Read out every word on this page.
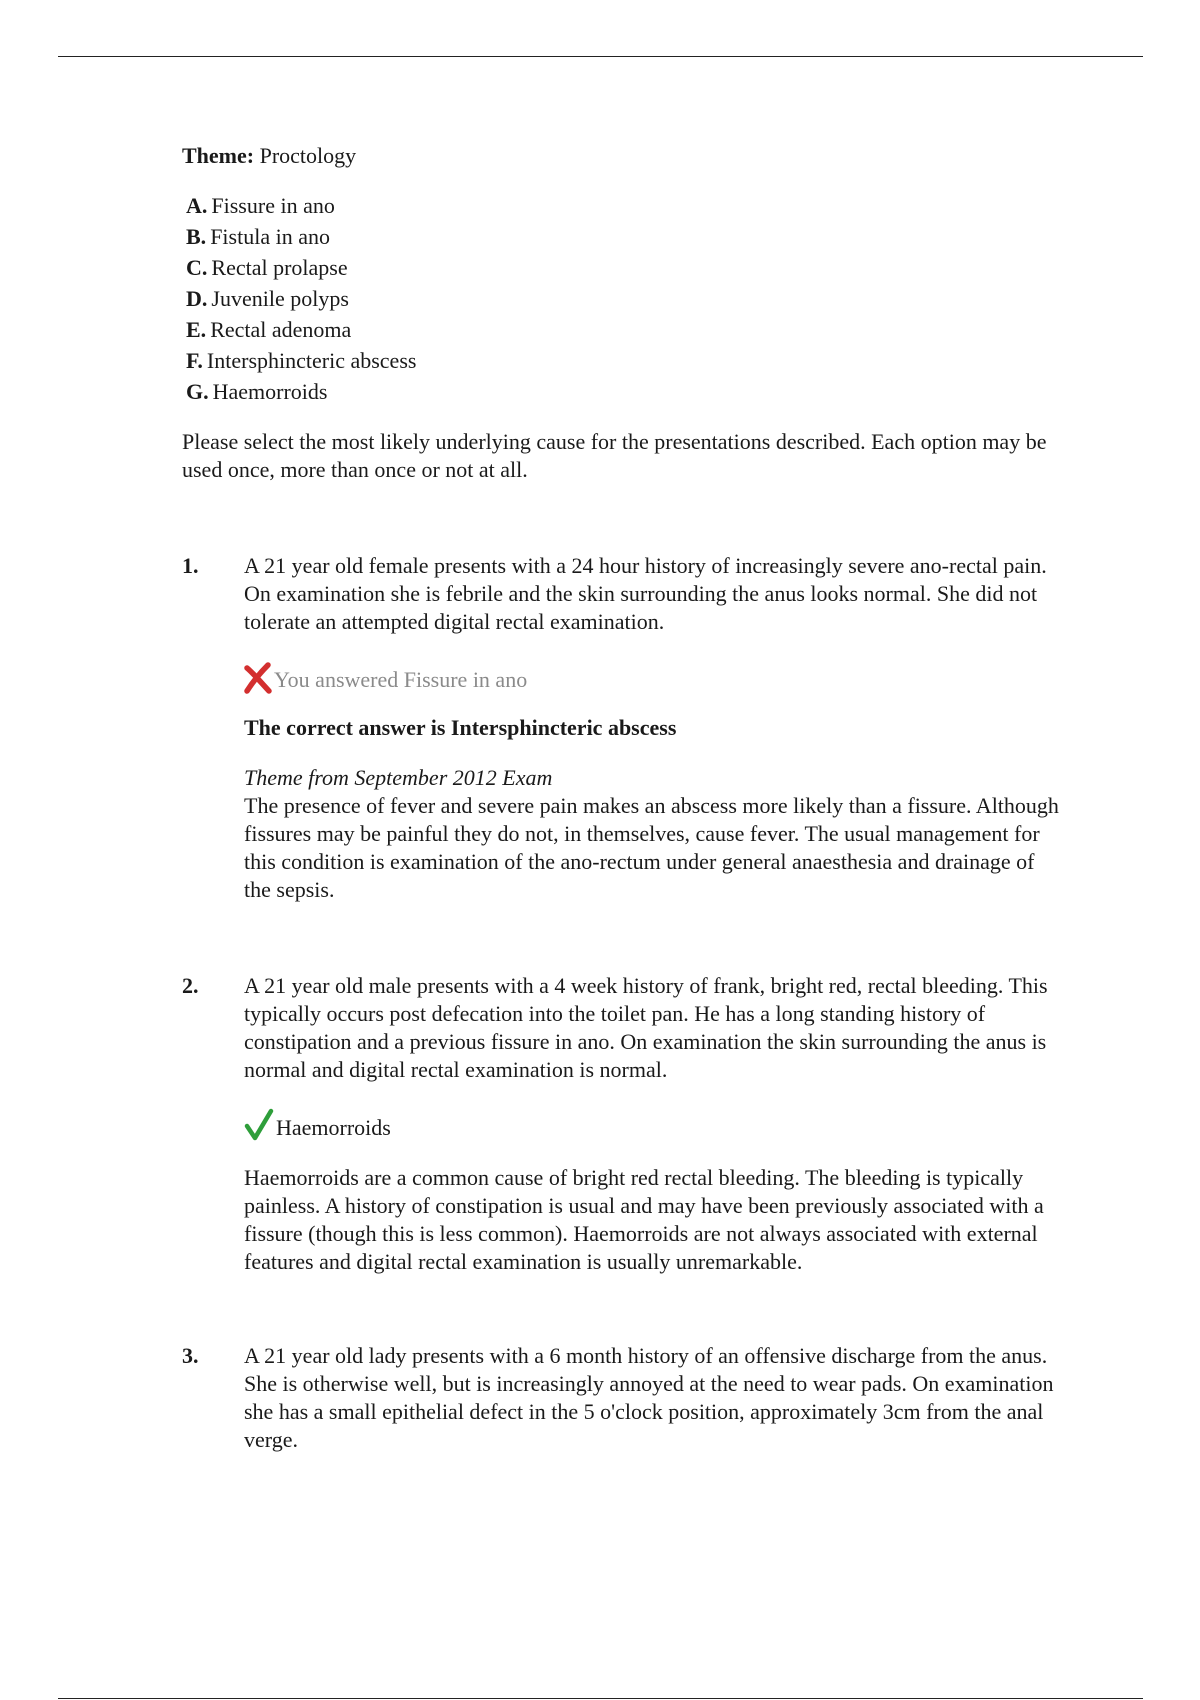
Theme: Proctology

A. Fissure in ano
B. Fistula in ano
C. Rectal prolapse
D. Juvenile polyps
E. Rectal adenoma
F. Intersphincteric abscess
G. Haemorroids

Please select the most likely underlying cause for the presentations described. Each option may be used once, more than once or not at all.

1. A 21 year old female presents with a 24 hour history of increasingly severe ano-rectal pain. On examination she is febrile and the skin surrounding the anus looks normal. She did not tolerate an attempted digital rectal examination.

You answered Fissure in ano
The correct answer is Intersphincteric abscess
Theme from September 2012 Exam

The presence of fever and severe pain makes an abscess more likely than a fissure. Although fissures may be painful they do not, in themselves, cause fever. The usual management for this condition is examination of the ano-rectum under general anaesthesia and drainage of the sepsis.

2. A 21 year old male presents with a 4 week history of frank, bright red, rectal bleeding. This typically occurs post defecation into the toilet pan. He has a long standing history of constipation and a previous fissure in ano. On examination the skin surrounding the anus is normal and digital rectal examination is normal.

Haemorroids

Haemorroids are a common cause of bright red rectal bleeding. The bleeding is typically painless. A history of constipation is usual and may have been previously associated with a fissure (though this is less common). Haemorroids are not always associated with external features and digital rectal examination is usually unremarkable.

3. A 21 year old lady presents with a 6 month history of an offensive discharge from the anus. She is otherwise well, but is increasingly annoyed at the need to wear pads. On examination she has a small epithelial defect in the 5 o'clock position, approximately 3cm from the anal verge.
